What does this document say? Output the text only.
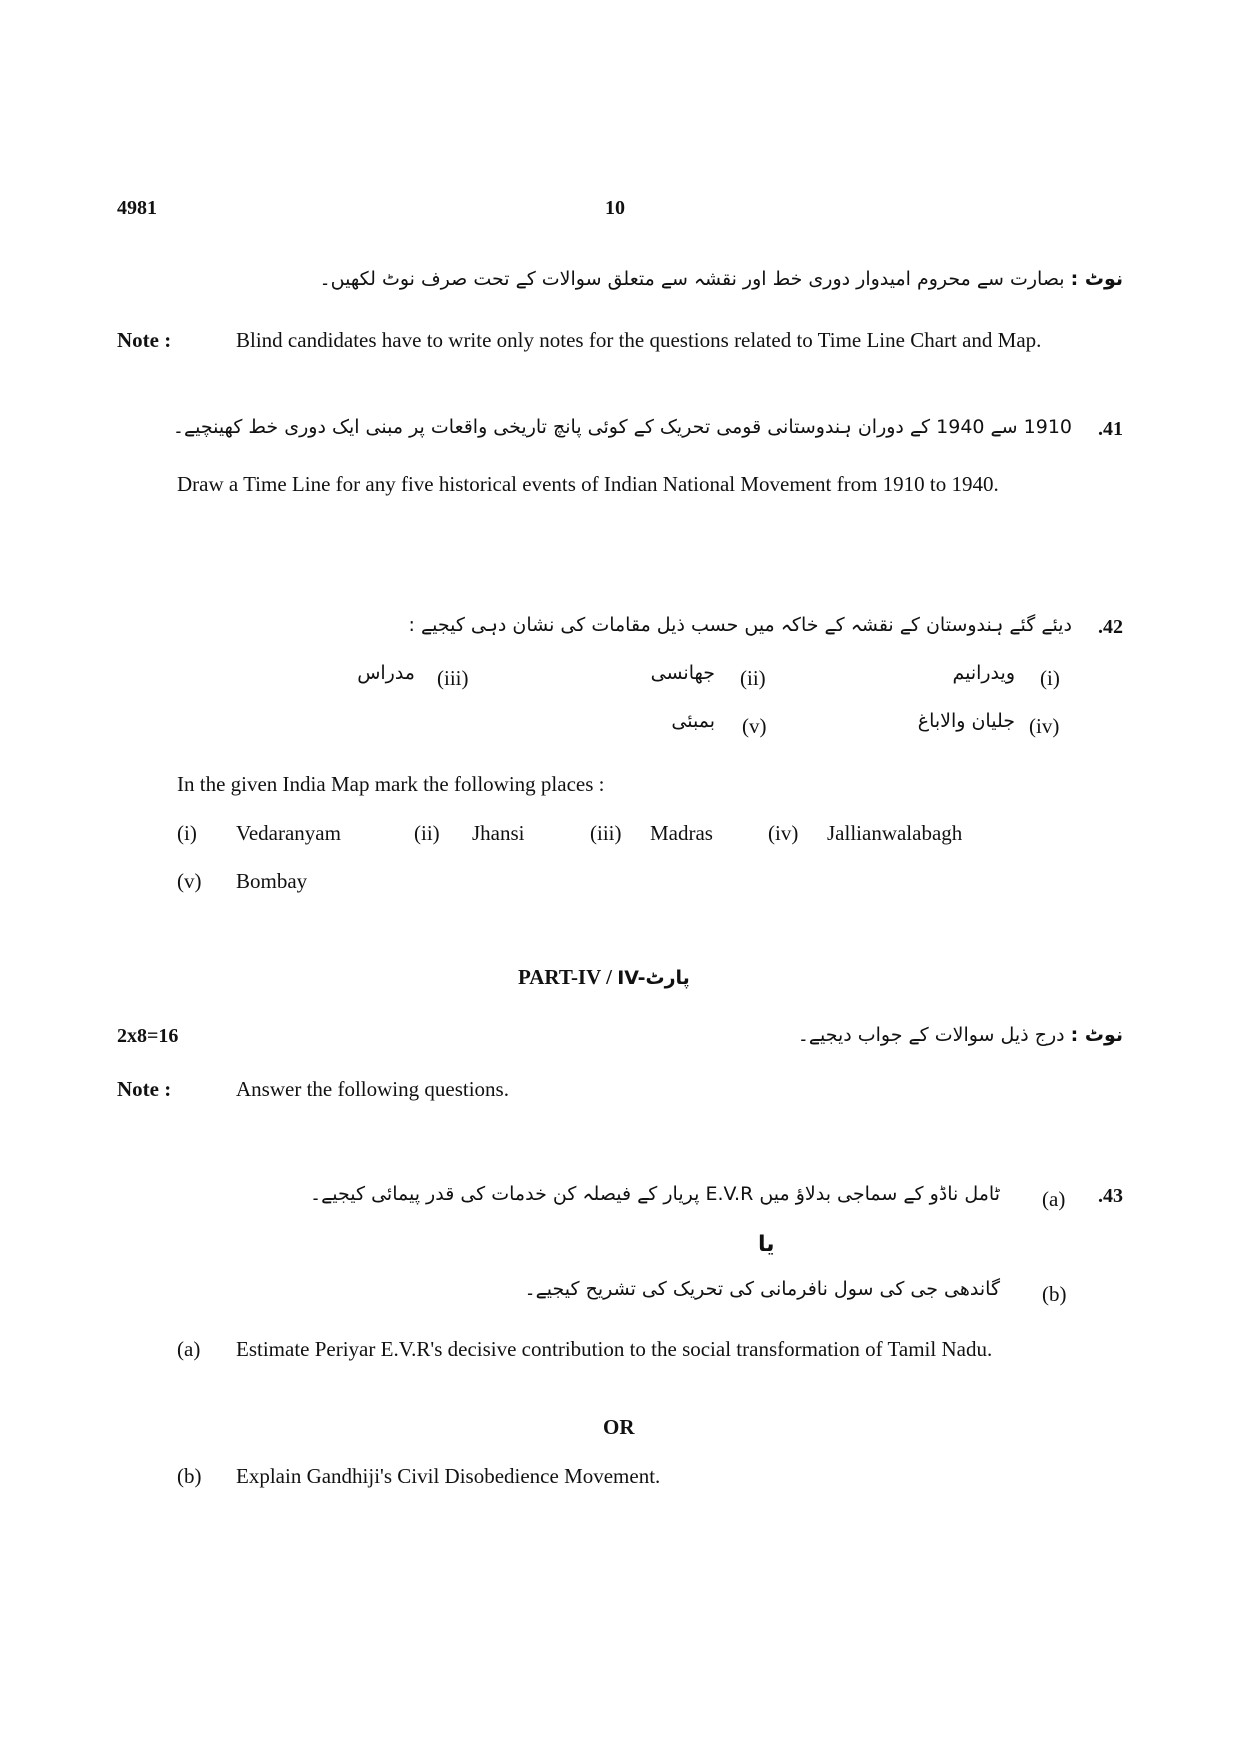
4981	10
نوٹ : بصارت سے محروم امیدوار دوری خط اور نقشہ سے متعلق سوالات کے تحت صرف نوٹ لکھیں۔
Note :	Blind candidates have to write only notes for the questions related to Time Line Chart and Map.
.41
1910 سے 1940 کے دوران ہندوستانی قومی تحریک کے کوئی پانچ تاریخی واقعات پر مبنی ایک دوری خط کھینچیے۔
Draw a Time Line for any five historical events of Indian National Movement from 1910 to 1940.
.42
دیئے گئے ہندوستان کے نقشہ کے خاکہ میں حسب ذیل مقامات کی نشان دہی کیجیے :
(i)
ویدرانیم
(ii)
جھانسی
(iii)
مدراس
(iv)
جلیان والاباغ
(v)
بمبئی
In the given India Map mark the following places :
(i) Vedaranyam	(ii) Jhansi	(iii) Madras	(iv) Jallianwalabagh
(v) Bombay
PART-IV / IV-پارٹ
2x8=16	نوٹ : درج ذیل سوالات کے جواب دیجیے۔
Note :	Answer the following questions.
.43
(a)
ٹامل ناڈو کے سماجی بدلاؤ میں E.V.R پریار کے فیصلہ کن خدمات کی قدر پیمائی کیجیے۔
یا
(b)
گاندھی جی کی سول نافرمانی کی تحریک کی تشریح کیجیے۔
(a) Estimate Periyar E.V.R's decisive contribution to the social transformation of Tamil Nadu.
OR
(b) Explain Gandhiji's Civil Disobedience Movement.
